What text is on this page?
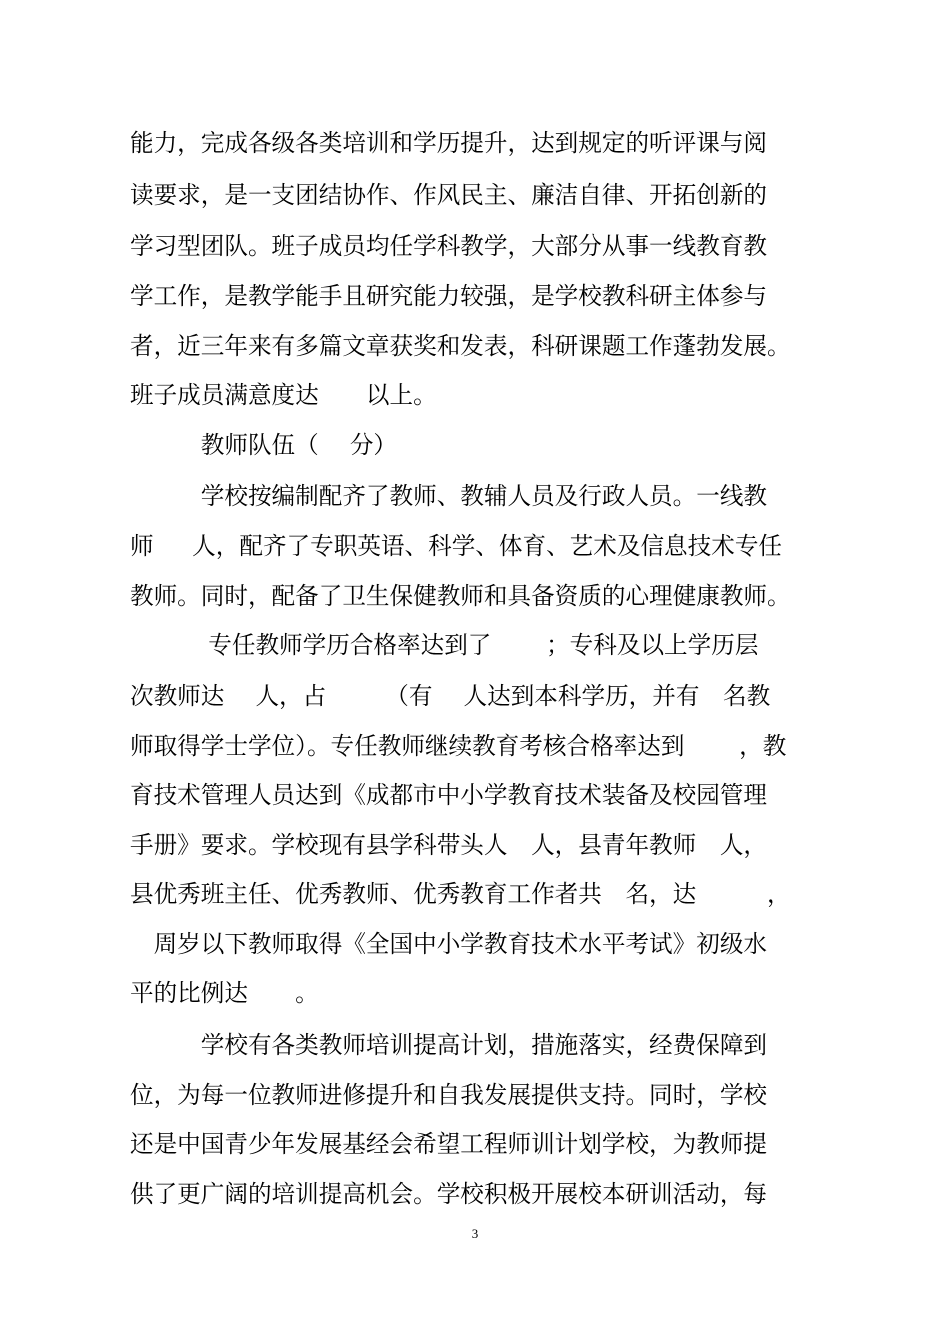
能力，完成各级各类培训和学历提升，达到规定的听评课与阅
读要求，是一支团结协作、作风民主、廉洁自律、开拓创新的
学习型团队。班子成员均任学科教学，大部分从事一线教育教
学工作，是教学能手且研究能力较强，是学校教科研主体参与
者，近三年来有多篇文章获奖和发表，科研课题工作蓬勃发展。
班子成员满意度达　　以上。
　　　教师队伍（　 分）
　　　学校按编制配齐了教师、教辅人员及行政人员。一线教
师　  人，配齐了专职英语、科学、体育、艺术及信息技术专任
教师。同时，配备了卫生保健教师和具备资质的心理健康教师。
　　　 专任教师学历合格率达到了　　 ；专科及以上学历层
次教师达　 人，占　　　（有　 人达到本科学历，并有　名教
师取得学士学位）。专任教师继续教育考核合格率达到　　 ，教
育技术管理人员达到《成都市中小学教育技术装备及校园管理
手册》要求。学校现有县学科带头人　人，县青年教师　人，
县优秀班主任、优秀教师、优秀教育工作者共　名，达　　　，
　周岁以下教师取得《全国中小学教育技术水平考试》初级水
平的比例达　　。
　　　学校有各类教师培训提高计划，措施落实，经费保障到
位，为每一位教师进修提升和自我发展提供支持。同时，学校
还是中国青少年发展基经会希望工程师训计划学校，为教师提
供了更广阔的培训提高机会。学校积极开展校本研训活动，每
3
